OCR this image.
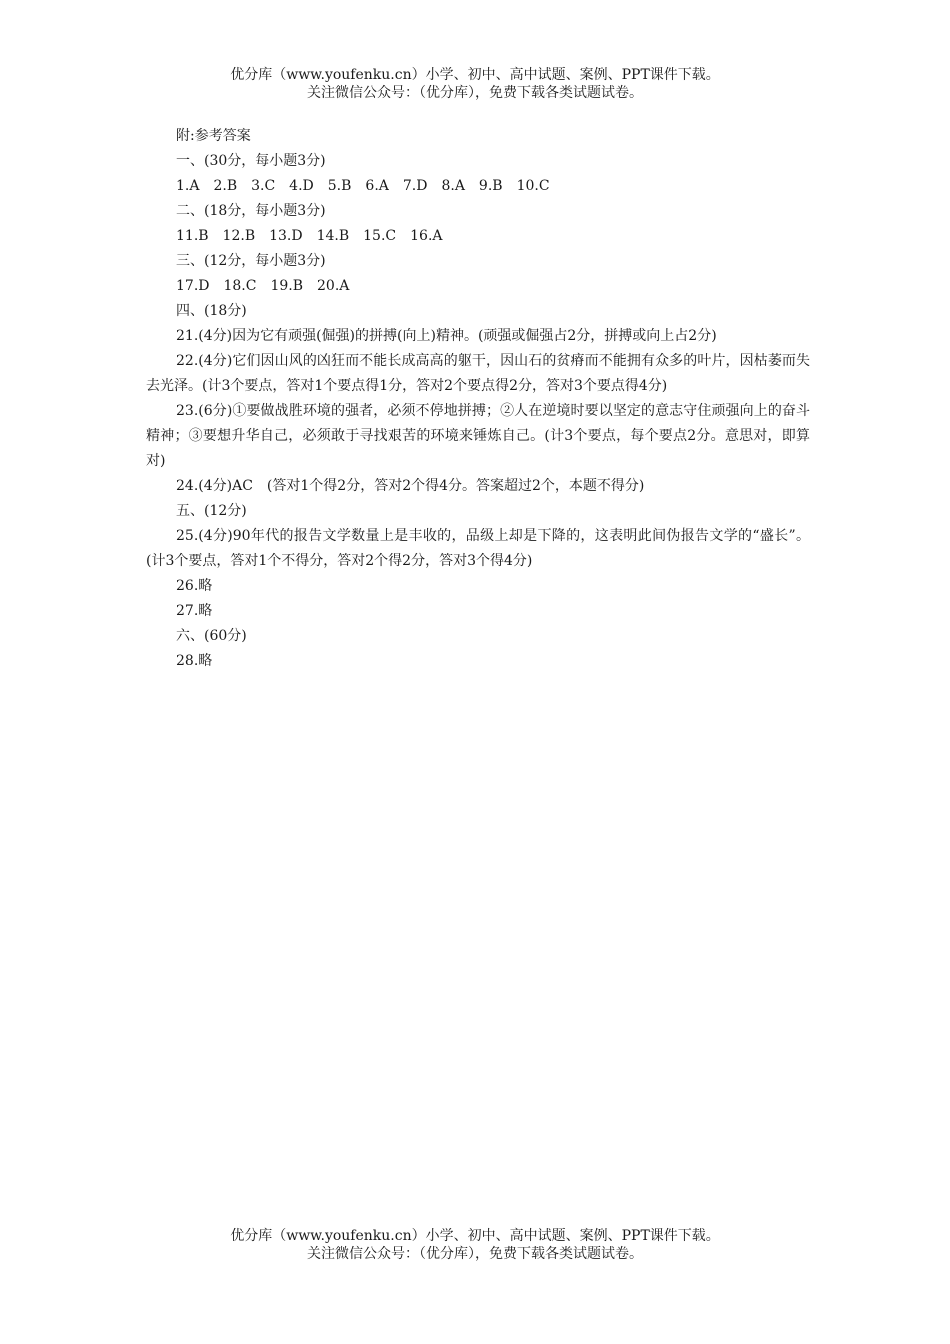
优分库（www.youfenku.cn）小学、初中、高中试题、案例、PPT课件下载。
关注微信公众号：（优分库），免费下载各类试题试卷。
附:参考答案
一、(30分，每小题3分)
1.A　2.B　3.C　4.D　5.B　6.A　7.D　8.A　9.B　10.C
二、(18分，每小题3分)
11.B　12.B　13.D　14.B　15.C　16.A
三、(12分，每小题3分)
17.D　18.C　19.B　20.A
四、(18分)
21.(4分)因为它有顽强(倔强)的拼搏(向上)精神。(顽强或倔强占2分，拼搏或向上占2分)
22.(4分)它们因山风的凶狂而不能长成高高的躯干，因山石的贫瘠而不能拥有众多的叶片，因枯萎而失去光泽。(计3个要点，答对1个要点得1分，答对2个要点得2分，答对3个要点得4分)
23.(6分)①要做战胜环境的强者，必须不停地拼搏；②人在逆境时要以坚定的意志守住顽强向上的奋斗精神；③要想升华自己，必须敢于寻找艰苦的环境来锤炼自己。(计3个要点，每个要点2分。意思对，即算对)
24.(4分)AC　(答对1个得2分，答对2个得4分。答案超过2个，本题不得分)
五、(12分)
25.(4分)90年代的报告文学数量上是丰收的，品级上却是下降的，这表明此间伪报告文学的“盛长”。(计3个要点，答对1个不得分，答对2个得2分，答对3个得4分)
26.略
27.略
六、(60分)
28.略
优分库（www.youfenku.cn）小学、初中、高中试题、案例、PPT课件下载。
关注微信公众号：（优分库），免费下载各类试题试卷。
